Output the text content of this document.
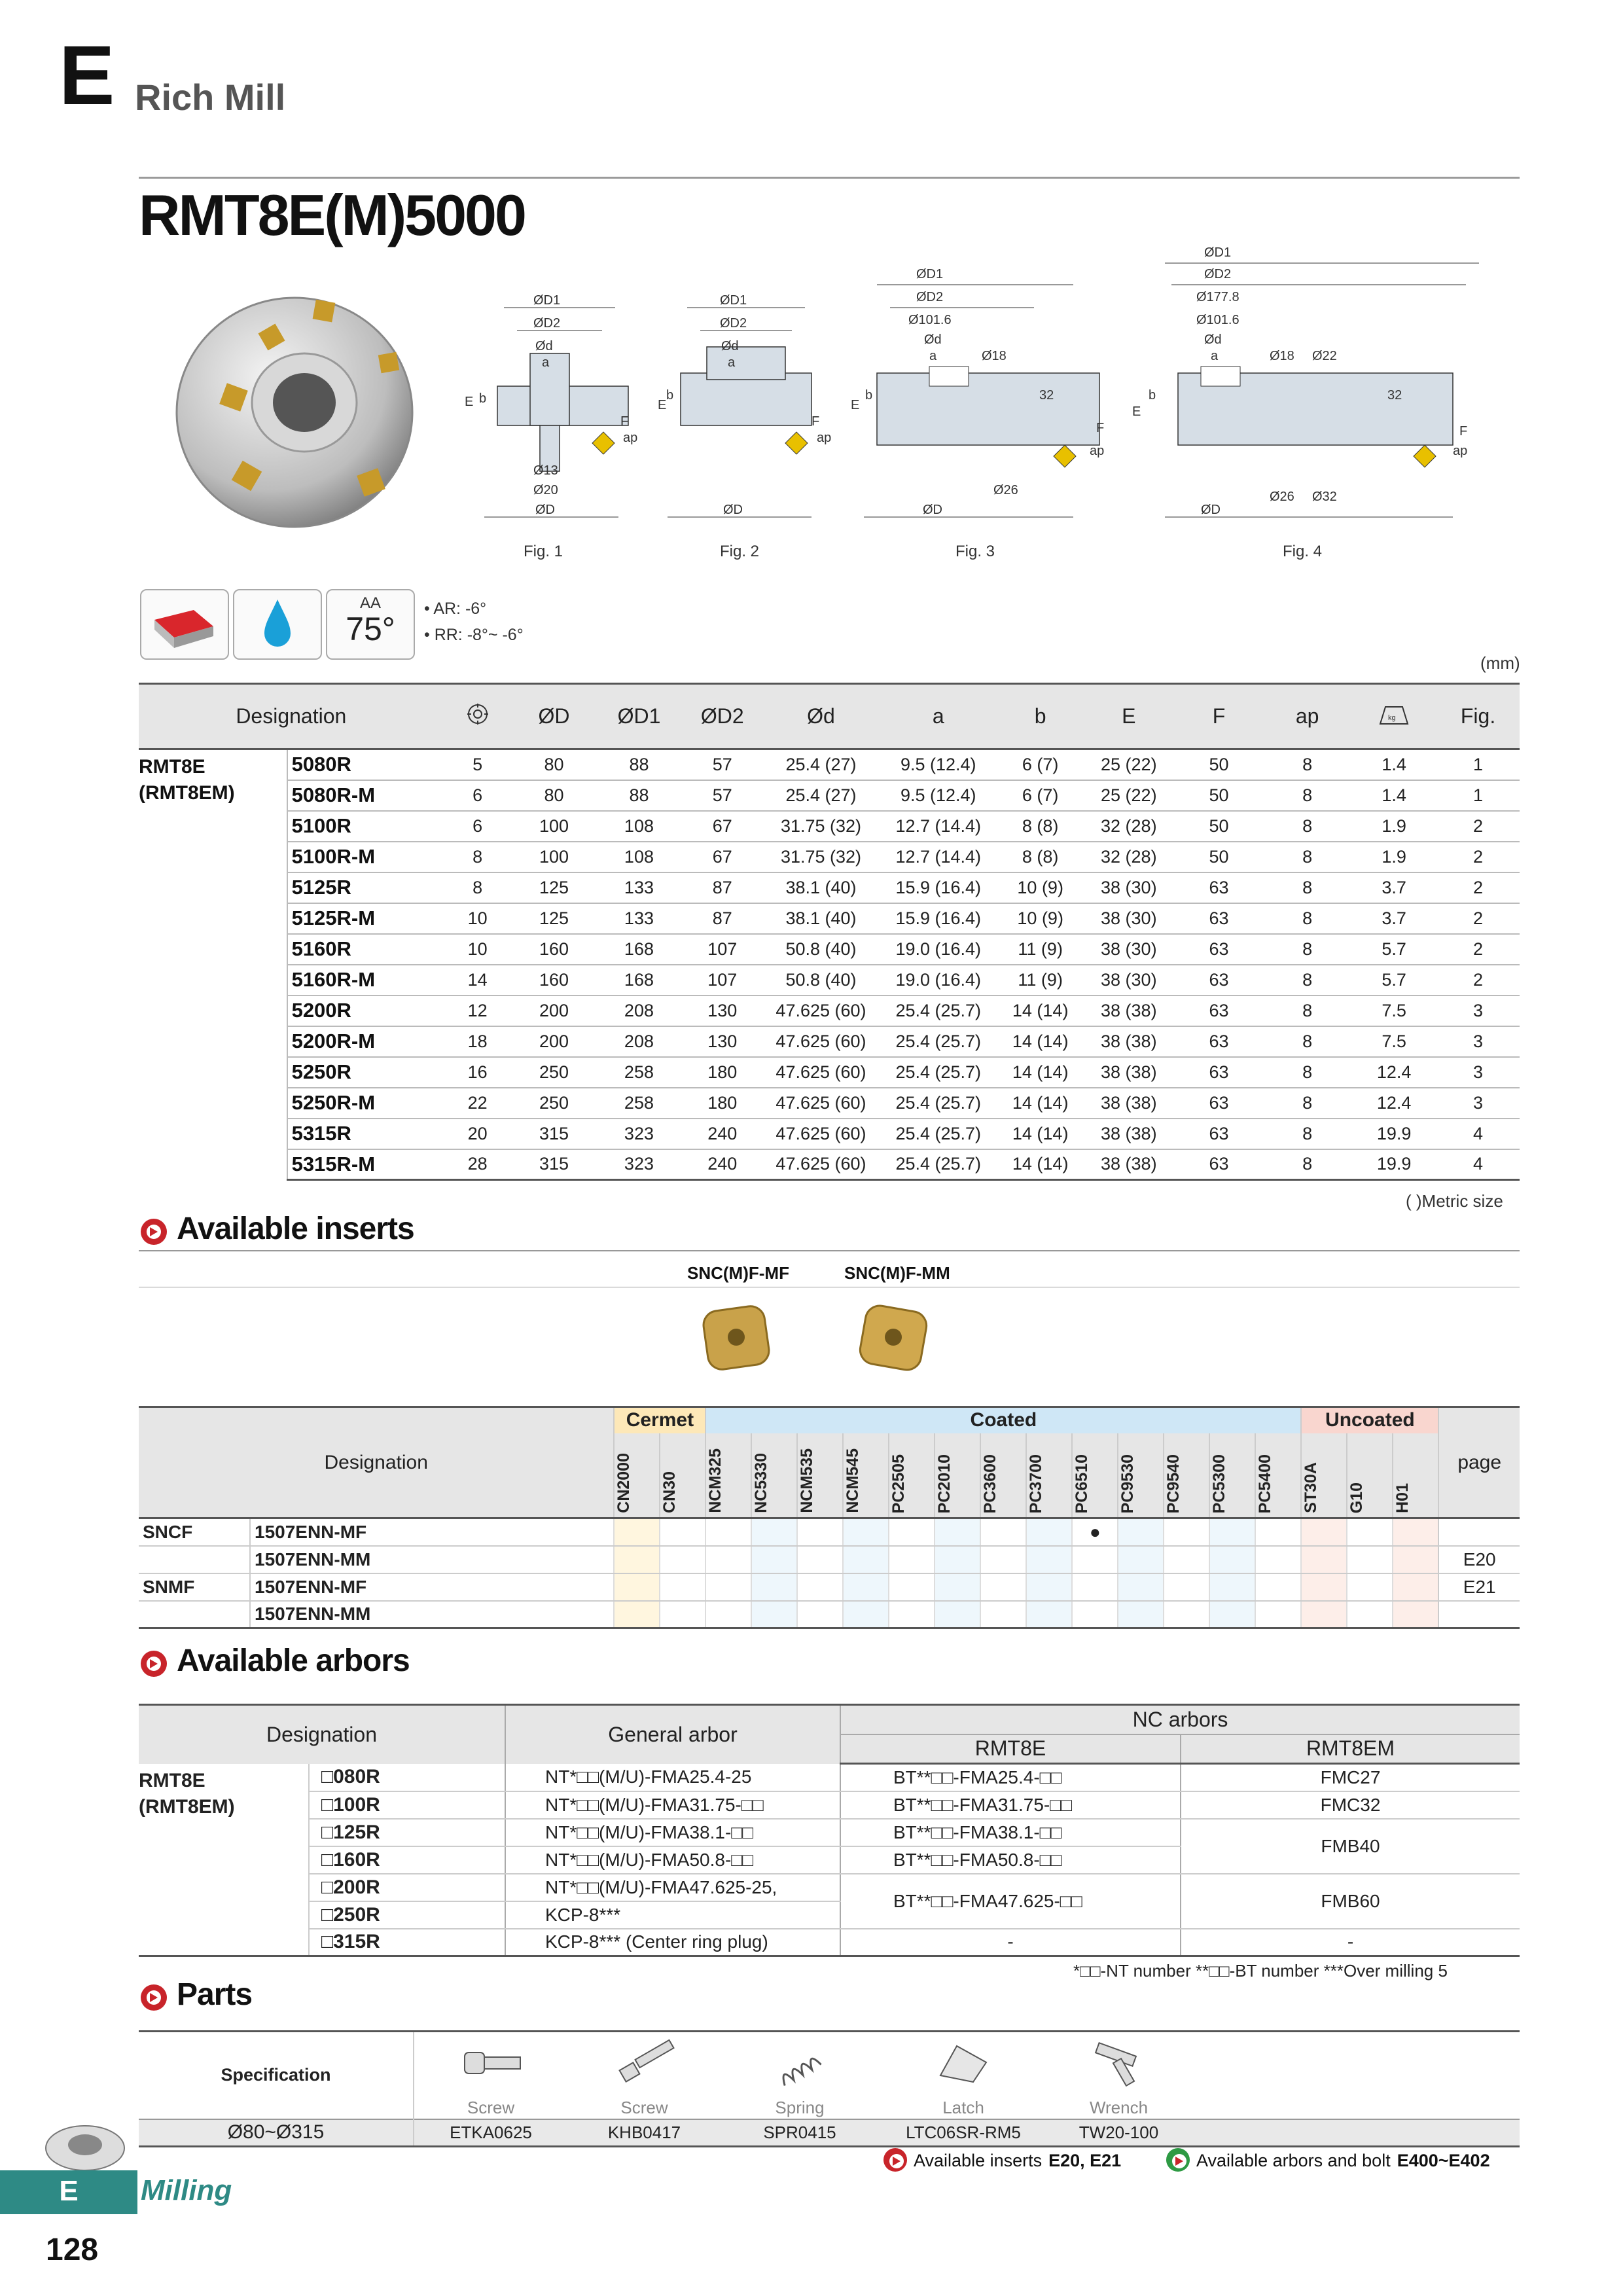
E Rich Mill
RMT8E(M)5000
ØD1
ØD2
Ød
a
E b
F
ap
Ø13
Ø20
ØD
Fig. 1
ØD1
ØD2
Ød
a
E
b
F
ap
ØD
Fig. 2
ØD1
ØD2
Ø101.6
Ød
a	Ø18
E
b	32
F
ap
Ø26
ØD
Fig. 3
ØD1
ØD2
Ø177.8
Ø101.6
Ød
a	Ø18 Ø22
E
b	32
F
ap
Ø26 Ø32
ØD
Fig. 4
AA
75°
• AR: -6°
• RR: -8°~ -6°
(mm)
Designation			ØD	ØD1	ØD2	Ød	a	b	E	F	ap	kg	Fig.

RMT8E
(RMT8EM)	5080R	5	80	88	57	25.4 (27)	9.5 (12.4)	6 (7)	25 (22)	50	8	1.4	1
	5080R-M	6	80	88	57	25.4 (27)	9.5 (12.4)	6 (7)	25 (22)	50	8	1.4	1
	5100R	6	100	108	67	31.75 (32)	12.7 (14.4)	8 (8)	32 (28)	50	8	1.9	2
	5100R-M	8	100	108	67	31.75 (32)	12.7 (14.4)	8 (8)	32 (28)	50	8	1.9	2
	5125R	8	125	133	87	38.1 (40)	15.9 (16.4)	10 (9)	38 (30)	63	8	3.7	2
	5125R-M	10	125	133	87	38.1 (40)	15.9 (16.4)	10 (9)	38 (30)	63	8	3.7	2
	5160R	10	160	168	107	50.8 (40)	19.0 (16.4)	11 (9)	38 (30)	63	8	5.7	2
	5160R-M	14	160	168	107	50.8 (40)	19.0 (16.4)	11 (9)	38 (30)	63	8	5.7	2
	5200R	12	200	208	130	47.625 (60)	25.4 (25.7)	14 (14)	38 (38)	63	8	7.5	3
	5200R-M	18	200	208	130	47.625 (60)	25.4 (25.7)	14 (14)	38 (38)	63	8	7.5	3
	5250R	16	250	258	180	47.625 (60)	25.4 (25.7)	14 (14)	38 (38)	63	8	12.4	3
	5250R-M	22	250	258	180	47.625 (60)	25.4 (25.7)	14 (14)	38 (38)	63	8	12.4	3
	5315R	20	315	323	240	47.625 (60)	25.4 (25.7)	14 (14)	38 (38)	63	8	19.9	4
	5315R-M	28	315	323	240	47.625 (60)	25.4 (25.7)	14 (14)	38 (38)	63	8	19.9	4
( )Metric size
Available inserts
SNC(M)F-MF	SNC(M)F-MM
Designation		Cermet		Coated													Uncoated			page

		CN2000	CN30	NCM325	NC5330	NCM535	NCM545	PC2505	PC2010	PC3600	PC3700	PC6510	PC9530	PC9540	PC5300	PC5400	ST30A	G10	H01	

SNCF	1507ENN-MF											●								
	1507ENN-MM																			E20
SNMF	1507ENN-MF																			E21
	1507ENN-MM																			
Available arbors
Designation		General arbor	NC arbors	
			RMT8E	RMT8EM

RMT8E
(RMT8EM)	□080R	NT*□□(M/U)-FMA25.4-25	BT**□□-FMA25.4-□□	FMC27
	□100R	NT*□□(M/U)-FMA31.75-□□	BT**□□-FMA31.75-□□	FMC32
	□125R	NT*□□(M/U)-FMA38.1-□□	BT**□□-FMA38.1-□□	FMB40
	□160R	NT*□□(M/U)-FMA50.8-□□	BT**□□-FMA50.8-□□	
	□200R	NT*□□(M/U)-FMA47.625-25,	BT**□□-FMA47.625-□□	FMB60
	□250R	KCP-8***		
	□315R	KCP-8*** (Center ring plug)	-	-
*□□-NT number **□□-BT number ***Over milling 5
Parts
Specification						
	Screw	Screw	Spring	Latch	Wrench	
Ø80~Ø315	ETKA0625	KHB0417	SPR0415	LTC06SR-RM5	TW20-100	
Available inserts E20, E21	Available arbors and bolt E400~E402
E	Milling
128
